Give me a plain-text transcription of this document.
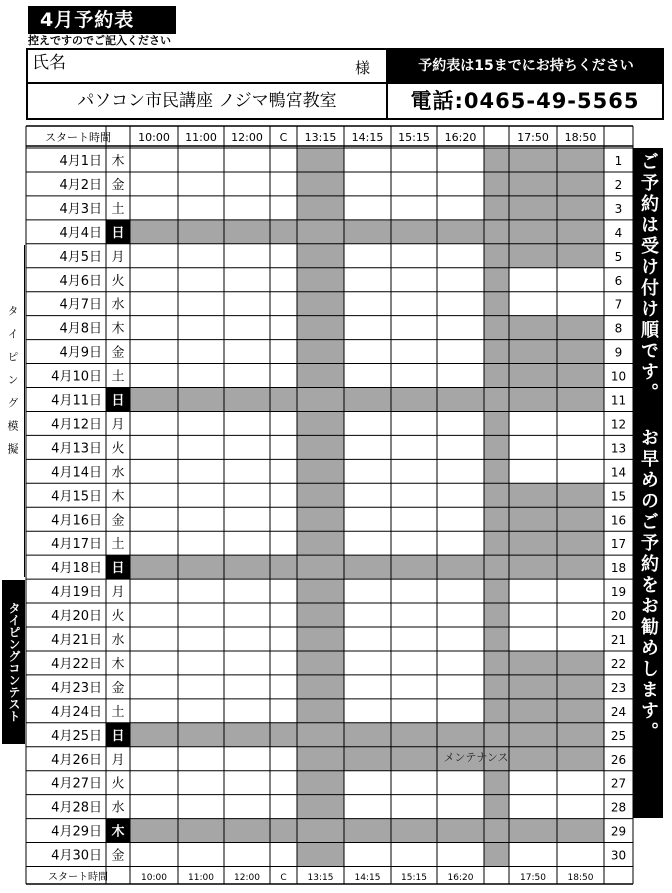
4月予約表
控えですのでご記入ください
氏名	様	予約表は15までにお持ちください
パソコン市民講座 ノジマ鴨宮教室	電話:0465-49-5565
スタート時間 10:00 11:00 12:00 C 13:15 14:15 15:15 16:20	17:50 18:50
4月1日 木	1
4月2日 金	2
4月3日 土	3
4月4日 日	4
4月5日 月	5
4月6日 火	6
4月7日 水	7
4月8日 木	8
4月9日 金	9
4月10日 土	10
4月11日 日	11
4月12日 月	12
4月13日 火	13
4月14日 水	14
4月15日 木	15
4月16日 金	16
4月17日 土	17
4月18日 日	18
4月19日 月	19
4月20日 火	20
4月21日 水	21
4月22日 木	22
4月23日 金	23
4月24日 土	24
4月25日 日	25
4月26日 月	26
4月27日 火	27
4月28日 水	28
4月29日 木	29
4月30日 金	30
スタート時間	10:00 11:00 12:00 C 13:15 14:15 15:15 16:20	17:50 18:50
タイピング模擬
タイピングコンテスト	ご予約は受け付け順です。 お早めのご予約をお勧めします。
メンテナンス
